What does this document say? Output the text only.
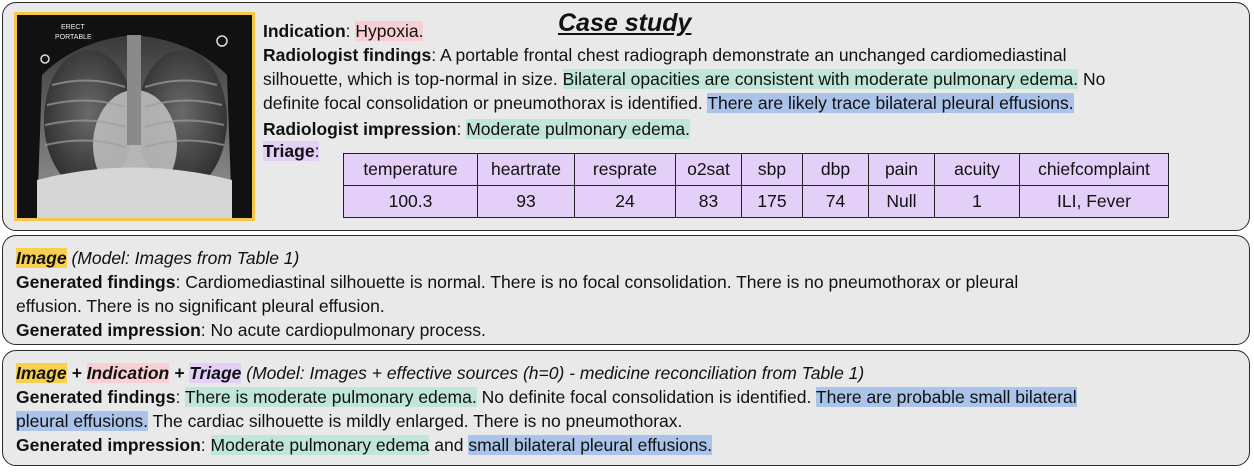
ERECT
PORTABLE
Case study
Indication: Hypoxia.
Radiologist findings: A portable frontal chest radiograph demonstrate an unchanged cardiomediastinal
silhouette, which is top-normal in size. Bilateral opacities are consistent with moderate pulmonary edema. No
definite focal consolidation or pneumothorax is identified. There are likely trace bilateral pleural effusions.
Radiologist impression: Moderate pulmonary edema.
Triage:
temperature	heartrate	resprate	o2sat	sbp	dbp	pain	acuity	chiefcomplaint
100.3	93	24	83	175	74	Null	1	ILI, Fever
Image (Model: Images from Table 1)
Generated findings: Cardiomediastinal silhouette is normal. There is no focal consolidation. There is no pneumothorax or pleural
effusion. There is no significant pleural effusion.
Generated impression: No acute cardiopulmonary process.
Image + Indication + Triage (Model: Images + effective sources (h=0) - medicine reconciliation from Table 1)
Generated findings: There is moderate pulmonary edema. No definite focal consolidation is identified. There are probable small bilateral
pleural effusions. The cardiac silhouette is mildly enlarged. There is no pneumothorax.
Generated impression: Moderate pulmonary edema and small bilateral pleural effusions.
